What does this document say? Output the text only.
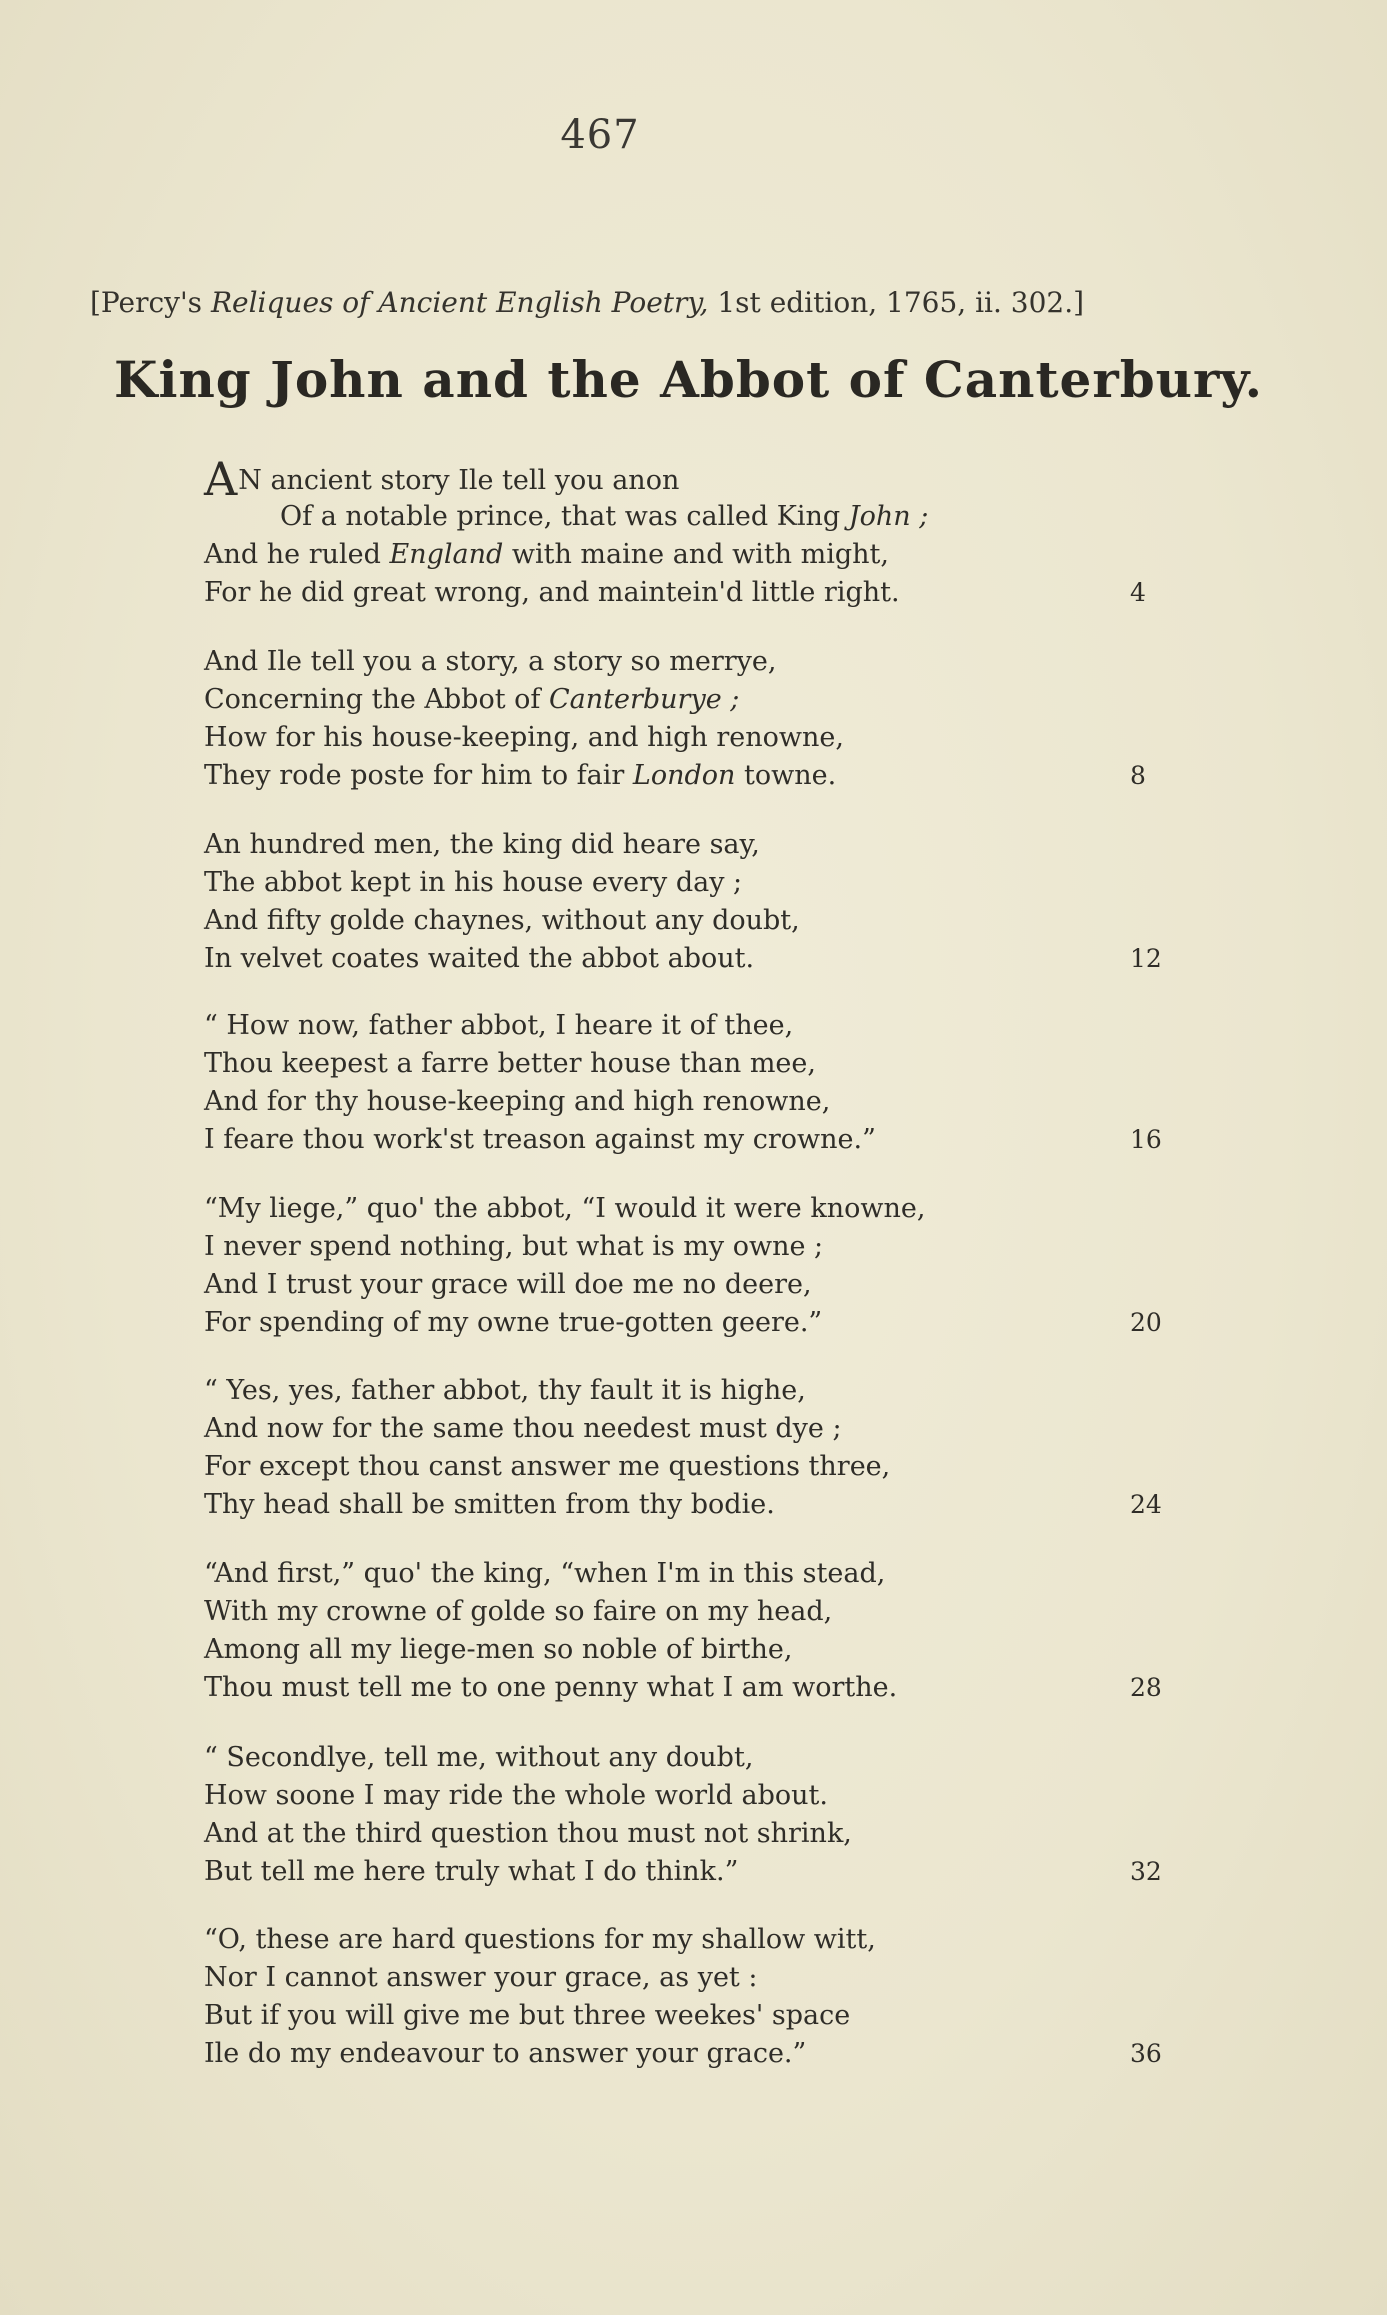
467
[Percy's Reliques of Ancient English Poetry, 1st edition, 1765, ii. 302.]
King John and the Abbot of Canterbury.
AN ancient story Ile tell you anon
Of a notable prince, that was called King John ;
And he ruled England with maine and with might,
For he did great wrong, and maintein'd little right.	4
And Ile tell you a story, a story so merrye,
Concerning the Abbot of Canterburye ;
How for his house-keeping, and high renowne,
They rode poste for him to fair London towne.	8
An hundred men, the king did heare say,
The abbot kept in his house every day ;
And fifty golde chaynes, without any doubt,
In velvet coates waited the abbot about.	12
“ How now, father abbot, I heare it of thee,
Thou keepest a farre better house than mee,
And for thy house-keeping and high renowne,
I feare thou work'st treason against my crowne.”	16
“My liege,” quo' the abbot, “I would it were knowne,
I never spend nothing, but what is my owne ;
And I trust your grace will doe me no deere,
For spending of my owne true-gotten geere.”	20
“ Yes, yes, father abbot, thy fault it is highe,
And now for the same thou needest must dye ;
For except thou canst answer me questions three,
Thy head shall be smitten from thy bodie.	24
“And first,” quo' the king, “when I'm in this stead,
With my crowne of golde so faire on my head,
Among all my liege-men so noble of birthe,
Thou must tell me to one penny what I am worthe.	28
“ Secondlye, tell me, without any doubt,
How soone I may ride the whole world about.
And at the third question thou must not shrink,
But tell me here truly what I do think.”	32
“O, these are hard questions for my shallow witt,
Nor I cannot answer your grace, as yet :
But if you will give me but three weekes' space
Ile do my endeavour to answer your grace.”	36
